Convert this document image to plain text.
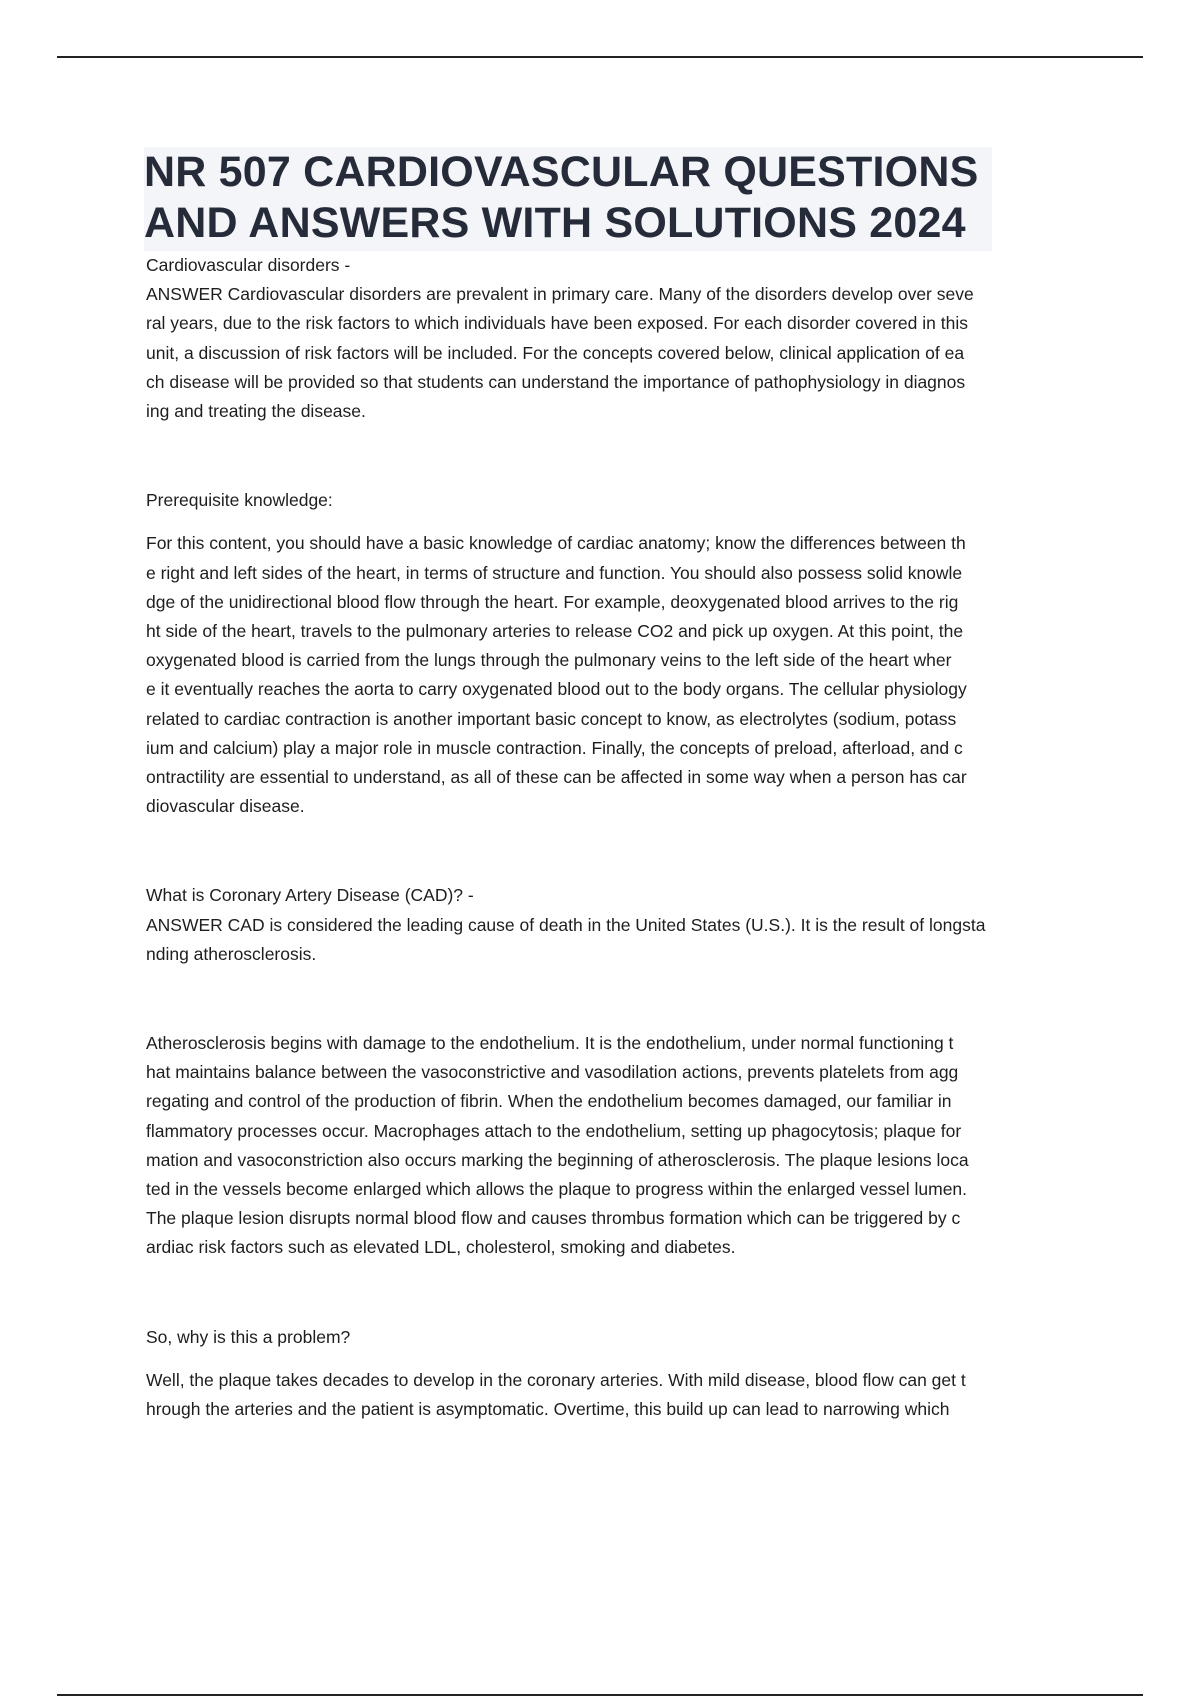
NR 507 CARDIOVASCULAR QUESTIONS
AND ANSWERS WITH SOLUTIONS 2024
Cardiovascular disorders -
ANSWER Cardiovascular disorders are prevalent in primary care. Many of the disorders develop over seve
ral years, due to the risk factors to which individuals have been exposed. For each disorder covered in this
unit, a discussion of risk factors will be included. For the concepts covered below, clinical application of ea
ch disease will be provided so that students can understand the importance of pathophysiology in diagnos
ing and treating the disease.
Prerequisite knowledge:
For this content, you should have a basic knowledge of cardiac anatomy; know the differences between th
e right and left sides of the heart, in terms of structure and function. You should also possess solid knowle
dge of the unidirectional blood flow through the heart. For example, deoxygenated blood arrives to the rig
ht side of the heart, travels to the pulmonary arteries to release CO2 and pick up oxygen. At this point, the
oxygenated blood is carried from the lungs through the pulmonary veins to the left side of the heart wher
e it eventually reaches the aorta to carry oxygenated blood out to the body organs. The cellular physiology
related to cardiac contraction is another important basic concept to know, as electrolytes (sodium, potass
ium and calcium) play a major role in muscle contraction. Finally, the concepts of preload, afterload, and c
ontractility are essential to understand, as all of these can be affected in some way when a person has car
diovascular disease.
What is Coronary Artery Disease (CAD)? -
ANSWER CAD is considered the leading cause of death in the United States (U.S.). It is the result of longsta
nding atherosclerosis.
Atherosclerosis begins with damage to the endothelium. It is the endothelium, under normal functioning t
hat maintains balance between the vasoconstrictive and vasodilation actions, prevents platelets from agg
regating and control of the production of fibrin. When the endothelium becomes damaged, our familiar in
flammatory processes occur. Macrophages attach to the endothelium, setting up phagocytosis; plaque for
mation and vasoconstriction also occurs marking the beginning of atherosclerosis. The plaque lesions loca
ted in the vessels become enlarged which allows the plaque to progress within the enlarged vessel lumen.
The plaque lesion disrupts normal blood flow and causes thrombus formation which can be triggered by c
ardiac risk factors such as elevated LDL, cholesterol, smoking and diabetes.
So, why is this a problem?
Well, the plaque takes decades to develop in the coronary arteries. With mild disease, blood flow can get t
hrough the arteries and the patient is asymptomatic. Overtime, this build up can lead to narrowing which
